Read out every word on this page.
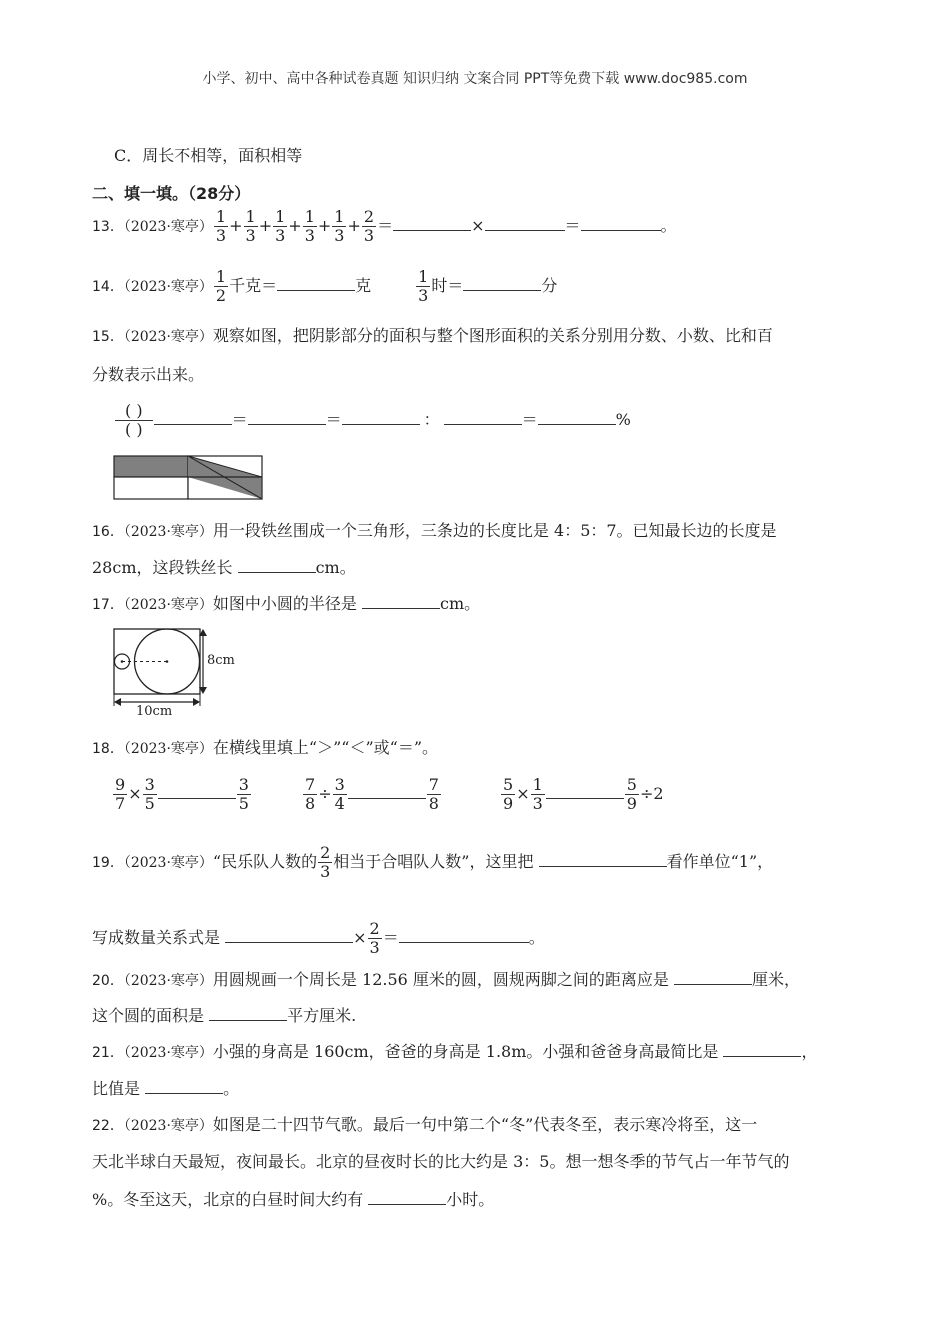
小学、初中、高中各种试卷真题 知识归纳 文案合同 PPT等免费下载 www.doc985.com
C．周长不相等，面积相等
二、填一填。（28分）
13．（2023·寒亭） $\frac{1}{3} + \frac{1}{3} + \frac{1}{3} + \frac{1}{3} + \frac{1}{3} + \frac{2}{3}$ ＝	×	＝	。
14．（2023·寒亭） $\frac{1}{2}$ 千克＝	克	$\frac{1}{3}$ 时＝	分
15．（2023·寒亭）观察如图，把阴影部分的面积与整个图形面积的关系分别用分数、小数、比和百
分数表示出来。
$\frac{( )}{( )}$	＝	＝	：	＝	%
16．（2023·寒亭）用一段铁丝围成一个三角形，三条边的长度比是 4：5：7。已知最长边的长度是
28cm，这段铁丝长	cm。
17．（2023·寒亭）如图中小圆的半径是	cm。
8cm
10cm
18．（2023·寒亭）在横线里填上“＞”“＜”或“＝”。
$\frac{9}{7} \times \frac{3}{5}$	$\frac{3}{5}$	$\frac{7}{8} \div \frac{3}{4}$	$\frac{7}{8}$	$\frac{5}{9} \times \frac{1}{3}$	$\frac{5}{9} \div 2$
19．（2023·寒亭）“民乐队人数的 $\frac{2}{3}$ 相当于合唱队人数”，这里把	看作单位“1”，
写成数量关系式是	× $\frac{2}{3}$ ＝	。
20．（2023·寒亭）用圆规画一个周长是 12.56 厘米的圆，圆规两脚之间的距离应是	厘米，
这个圆的面积是	平方厘米.
21．（2023·寒亭）小强的身高是 160cm，爸爸的身高是 1.8m。小强和爸爸身高最简比是	，
比值是	。
22．（2023·寒亭）如图是二十四节气歌。最后一句中第二个“冬”代表冬至，表示寒冷将至，这一
天北半球白天最短，夜间最长。北京的昼夜时长的比大约是 3：5。想一想冬季的节气占一年节气的
%。冬至这天，北京的白昼时间大约有	小时。
